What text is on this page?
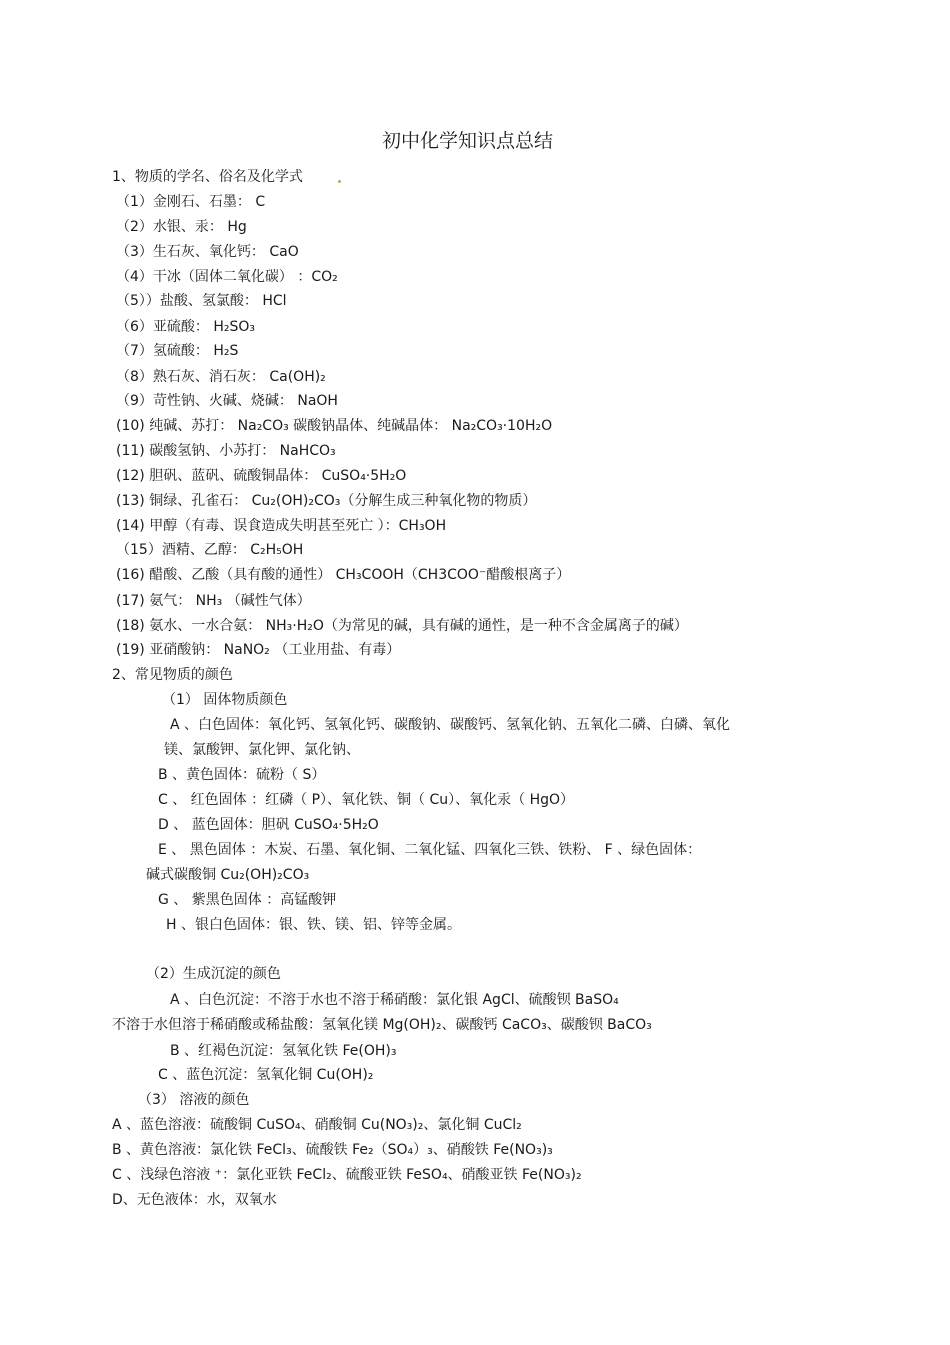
初中化学知识点总结
1、物质的学名、俗名及化学式
（1）金刚石、石墨： C
（2）水银、汞： Hg
（3）生石灰、氧化钙： CaO
（4）干冰（固体二氧化碳） ：CO₂
（5））盐酸、氢氯酸： HCl
（6）亚硫酸： H₂SO₃
（7）氢硫酸： H₂S
（8）熟石灰、消石灰： Ca(OH)₂
（9）苛性钠、火碱、烧碱： NaOH
(10) 纯碱、苏打： Na₂CO₃ 碳酸钠晶体、纯碱晶体： Na₂CO₃·10H₂O
(11) 碳酸氢钠、小苏打： NaHCO₃
(12) 胆矾、蓝矾、硫酸铜晶体： CuSO₄·5H₂O
(13) 铜绿、孔雀石： Cu₂(OH)₂CO₃（分解生成三种氧化物的物质）
(14) 甲醇（有毒、误食造成失明甚至死亡 ）：CH₃OH
（15）酒精、乙醇： C₂H₅OH
(16) 醋酸、乙酸（具有酸的通性） CH₃COOH（CH3COO⁻醋酸根离子）
(17) 氨气： NH₃ （碱性气体）
(18) 氨水、一水合氨： NH₃·H₂O（为常见的碱，具有碱的通性，是一种不含金属离子的碱）
(19) 亚硝酸钠： NaNO₂ （工业用盐、有毒）
2、常见物质的颜色
（1） 固体物质颜色
A 、白色固体：氧化钙、氢氧化钙、碳酸钠、碳酸钙、氢氧化钠、五氧化二磷、白磷、氧化
镁、氯酸钾、氯化钾、氯化钠、
B 、黄色固体：硫粉（ S）
C 、 红色固体 ：红磷（ P）、氧化铁、铜（ Cu）、氧化汞（ HgO）
D 、 蓝色固体：胆矾 CuSO₄·5H₂O
E 、 黑色固体 ：木炭、石墨、氧化铜、二氧化锰、四氧化三铁、铁粉、 F 、绿色固体：
碱式碳酸铜 Cu₂(OH)₂CO₃
G 、 紫黑色固体 ：高锰酸钾
H 、银白色固体：银、铁、镁、铝、锌等金属。
（2）生成沉淀的颜色
A 、白色沉淀：不溶于水也不溶于稀硝酸：氯化银 AgCl、硫酸钡 BaSO₄
不溶于水但溶于稀硝酸或稀盐酸：氢氧化镁 Mg(OH)₂、碳酸钙 CaCO₃、碳酸钡 BaCO₃
B 、红褐色沉淀：氢氧化铁 Fe(OH)₃
C 、蓝色沉淀：氢氧化铜 Cu(OH)₂
（3） 溶液的颜色
A 、蓝色溶液：硫酸铜 CuSO₄、硝酸铜 Cu(NO₃)₂、氯化铜 CuCl₂
B 、黄色溶液：氯化铁 FeCl₃、硫酸铁 Fe₂（SO₄）₃、硝酸铁 Fe(NO₃)₃
C 、浅绿色溶液 ⁺：氯化亚铁 FeCl₂、硫酸亚铁 FeSO₄、硝酸亚铁 Fe(NO₃)₂
D、无色液体：水，双氧水
